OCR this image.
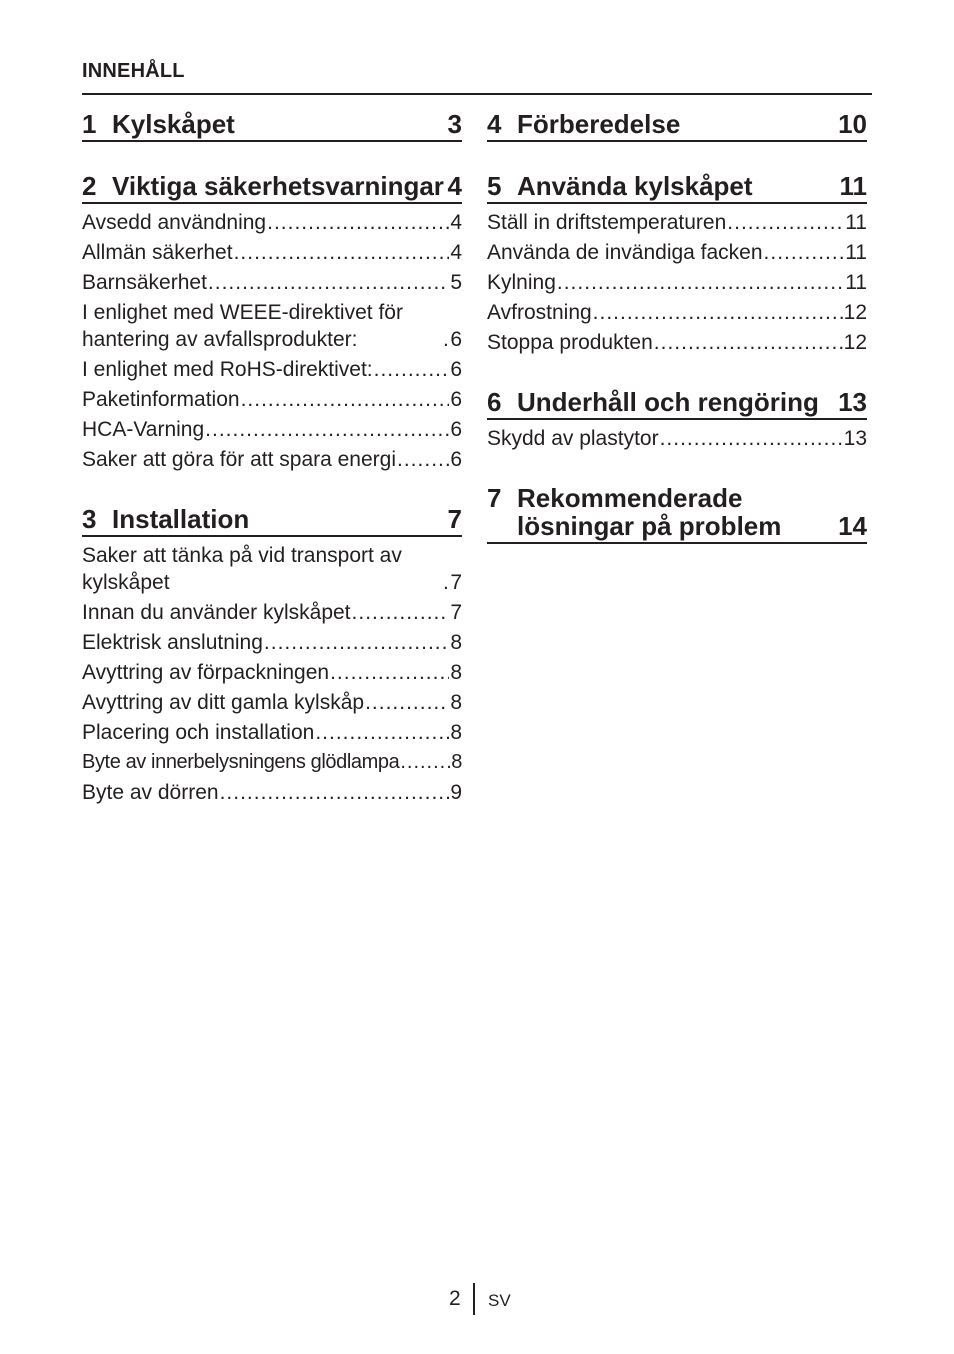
INNEHÅLL
1 Kylskåpet	3
2 Viktiga säkerhetsvarningar 4
Avsedd användning .....	4
Allmän säkerhet .....	4
Barnsäkerhet .....	5
I enlighet med WEEE-direktivet för hantering av avfallsprodukter: .....	6
I enlighet med RoHS-direktivet: .....	6
Paketinformation .....	6
HCA-Varning .....	6
Saker att göra för att spara energi .....	6
3 Installation	7
Saker att tänka på vid transport av kylskåpet .....	7
Innan du använder kylskåpet .....	7
Elektrisk anslutning .....	8
Avyttring av förpackningen .....	8
Avyttring av ditt gamla kylskåp .....	8
Placering och installation .....	8
Byte av innerbelysningens glödlampa .....	8
Byte av dörren .....	9
4 Förberedelse	10
5 Använda kylskåpet	11
Ställ in driftstemperaturen .....	11
Använda de invändiga facken .....	11
Kylning .....	11
Avfrostning .....	12
Stoppa produkten .....	12
6 Underhåll och rengöring 13
Skydd av plastytor .....	13
7 Rekommenderade lösningar på problem	14
2 SV
